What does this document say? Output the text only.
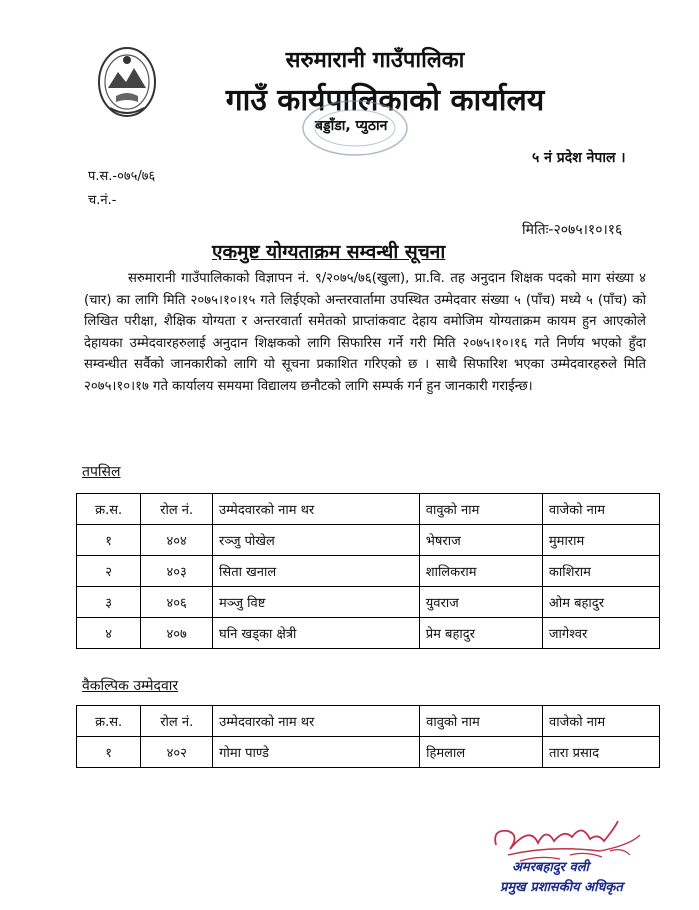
सरुमारानी गाउँपालिका
गाउँ कार्यपालिकाको कार्यालय
बड्डाँडा, प्युठान
५ नं प्रदेश नेपाल ।
प.स.-०७५/७६
च.नं.-
मितिः-२०७५।१०।१६
एकमुष्ट योग्यताक्रम सम्वन्धी सूचना
सरुमारानी गाउँपालिकाको विज्ञापन नं. ९/२०७५/७६(खुला), प्रा.वि. तह अनुदान शिक्षक पदको माग संख्या ४ (चार) का लागि मिति २०७५।१०।१५ गते लिईएको अन्तरवार्तामा उपस्थित उम्मेदवार संख्या ५ (पाँच) मध्ये ५ (पाँच) को लिखित परीक्षा, शैक्षिक योग्यता र अन्तरवार्ता समेतको प्राप्तांकवाट देहाय वमोजिम योग्यताक्रम कायम हुन आएकोले देहायका उम्मेदवारहरुलाई अनुदान शिक्षकको लागि सिफारिस गर्ने गरी मिति २०७५।१०।१६ गते निर्णय भएको हुँदा सम्वन्धीत सर्वैको जानकारीको लागि यो सूचना प्रकाशित गरिएको छ । साथै सिफारिश भएका उम्मेदवारहरुले मिति २०७५।१०।१७ गते कार्यालय समयमा विद्यालय छनौटको लागि सम्पर्क गर्न हुन जानकारी गराईन्छ।
तपसिल
क्र.स.	रोल नं.	उम्मेदवारको नाम थर	वावुको नाम	वाजेको नाम
१	४०४	रञ्जु पोखेल	भेषराज	मुमाराम
२	४०३	सिता खनाल	शालिकराम	काशिराम
३	४०६	मञ्जु विष्ट	युवराज	ओम बहादुर
४	४०७	घनि खड्का क्षेत्री	प्रेम बहादुर	जागेश्वर
वैकल्पिक उम्मेदवार
क्र.स.	रोल नं.	उम्मेदवारको नाम थर	वावुको नाम	वाजेको नाम
१	४०२	गोमा पाण्डे	हिमलाल	तारा प्रसाद
अमरबहादुर वली
प्रमुख प्रशासकीय अधिकृत
